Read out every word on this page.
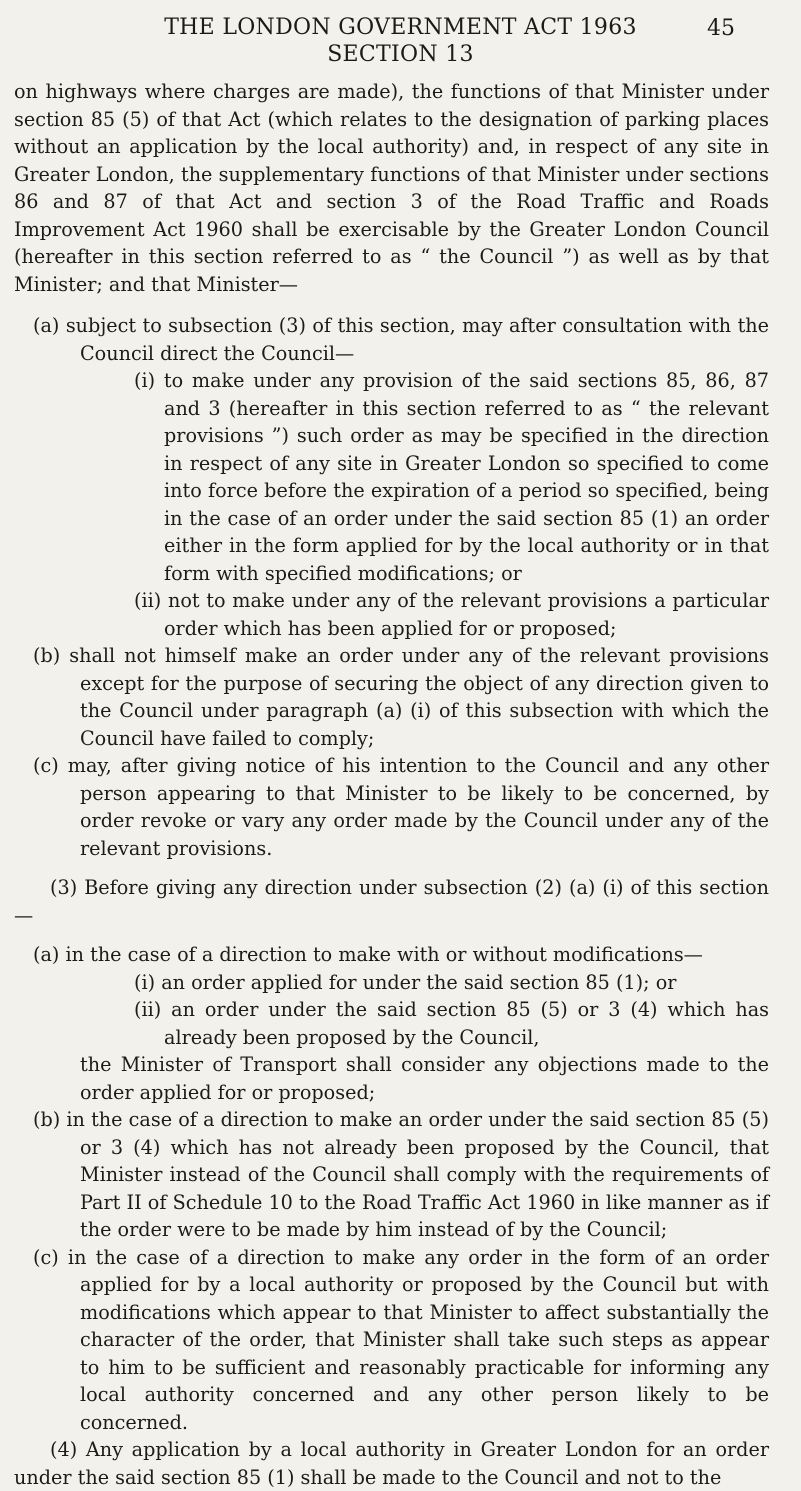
THE LONDON GOVERNMENT ACT 1963
SECTION 13
45

on highways where charges are made), the functions of that Minister under section 85 (5) of that Act (which relates to the designation of parking places without an application by the local authority) and, in respect of any site in Greater London, the supplementary functions of that Minister under sections 86 and 87 of that Act and section 3 of the Road Traffic and Roads Improvement Act 1960 shall be exercisable by the Greater London Council (hereafter in this section referred to as “ the Council ”) as well as by that Minister; and that Minister—

(a) subject to subsection (3) of this section, may after consultation with the Council direct the Council—

(i) to make under any provision of the said sections 85, 86, 87 and 3 (hereafter in this section referred to as “ the relevant provisions ”) such order as may be specified in the direction in respect of any site in Greater London so specified to come into force before the expiration of a period so specified, being in the case of an order under the said section 85 (1) an order either in the form applied for by the local authority or in that form with specified modifications; or

(ii) not to make under any of the relevant provisions a particular order which has been applied for or proposed;

(b) shall not himself make an order under any of the relevant provisions except for the purpose of securing the object of any direction given to the Council under paragraph (a) (i) of this subsection with which the Council have failed to comply;

(c) may, after giving notice of his intention to the Council and any other person appearing to that Minister to be likely to be concerned, by order revoke or vary any order made by the Council under any of the relevant provisions.

(3) Before giving any direction under subsection (2) (a) (i) of this section—

(a) in the case of a direction to make with or without modifications—

(i) an order applied for under the said section 85 (1); or

(ii) an order under the said section 85 (5) or 3 (4) which has already been proposed by the Council,

the Minister of Transport shall consider any objections made to the order applied for or proposed;

(b) in the case of a direction to make an order under the said section 85 (5) or 3 (4) which has not already been proposed by the Council, that Minister instead of the Council shall comply with the requirements of Part II of Schedule 10 to the Road Traffic Act 1960 in like manner as if the order were to be made by him instead of by the Council;

(c) in the case of a direction to make any order in the form of an order applied for by a local authority or proposed by the Council but with modifications which appear to that Minister to affect substantially the character of the order, that Minister shall take such steps as appear to him to be sufficient and reasonably practicable for informing any local authority concerned and any other person likely to be concerned.

(4) Any application by a local authority in Greater London for an order under the said section 85 (1) shall be made to the Council and not to the
